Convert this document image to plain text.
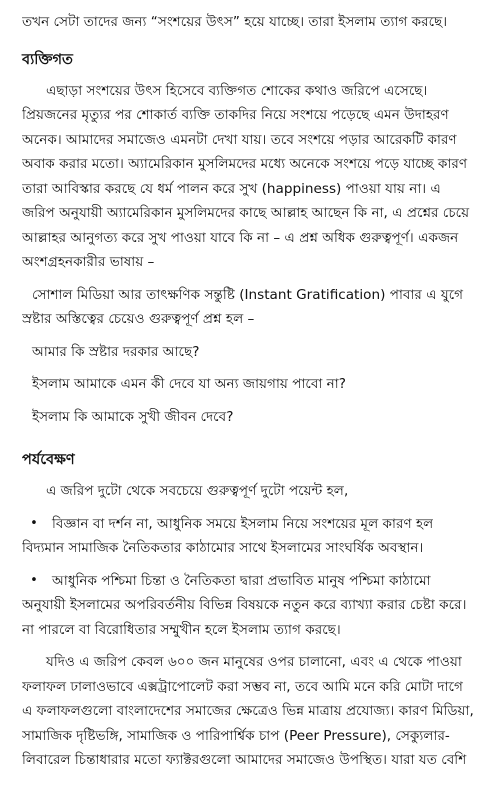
তখন সেটা তাদের জন্য “সংশয়ের উৎস” হয়ে যাচ্ছে। তারা ইসলাম ত্যাগ করছে।
ব্যক্তিগত
এছাড়া সংশয়ের উৎস হিসেবে ব্যক্তিগত শোকের কথাও জরিপে এসেছে।
প্রিয়জনের মৃত্যুর পর শোকার্ত ব্যক্তি তাকদির নিয়ে সংশয়ে পড়েছে এমন উদাহরণ
অনেক। আমাদের সমাজেও এমনটা দেখা যায়। তবে সংশয়ে পড়ার আরেকটি কারণ
অবাক করার মতো। অ্যামেরিকান মুসলিমদের মধ্যে অনেকে সংশয়ে পড়ে যাচ্ছে কারণ
তারা আবিস্কার করছে যে ধর্ম পালন করে সুখ (happiness) পাওয়া যায় না। এ
জরিপ অনুযায়ী অ্যামেরিকান মুসলিমদের কাছে আল্লাহ আছেন কি না, এ প্রশ্নের চেয়ে
আল্লাহর আনুগত্য করে সুখ পাওয়া যাবে কি না – এ প্রশ্ন অধিক গুরুত্বপূর্ণ। একজন
অংশগ্রহনকারীর ভাষায় –
সোশাল মিডিয়া আর তাৎক্ষণিক সন্তুষ্টি (Instant Gratification) পাবার এ যুগে
স্রষ্টার অস্তিত্বের চেয়েও গুরুত্বপূর্ণ প্রশ্ন হল –
আমার কি স্রষ্টার দরকার আছে?
ইসলাম আমাকে এমন কী দেবে যা অন্য জায়গায় পাবো না?
ইসলাম কি আমাকে সুখী জীবন দেবে?
পর্যবেক্ষণ
এ জরিপ দুটো থেকে সবচেয়ে গুরুত্বপূর্ণ দুটো পয়েন্ট হল,
•	বিজ্ঞান বা দর্শন না, আধুনিক সময়ে ইসলাম নিয়ে সংশয়ের মূল কারণ হল
বিদ্যমান সামাজিক নৈতিকতার কাঠামোর সাথে ইসলামের সাংঘর্ষিক অবস্থান।
•	আধুনিক পশ্চিমা চিন্তা ও নৈতিকতা দ্বারা প্রভাবিত মানুষ পশ্চিমা কাঠামো
অনুযায়ী ইসলামের অপরিবর্তনীয় বিভিন্ন বিষয়কে নতুন করে ব্যাখ্যা করার চেষ্টা করে।
না পারলে বা বিরোধিতার সম্মুখীন হলে ইসলাম ত্যাগ করছে।
যদিও এ জরিপ কেবল ৬০০ জন মানুষের ওপর চালানো, এবং এ থেকে পাওয়া
ফলাফল ঢালাওভাবে এক্সট্রাপোলেট করা সম্ভব না, তবে আমি মনে করি মোটা দাগে
এ ফলাফলগুলো বাংলাদেশের সমাজের ক্ষেত্রেও ভিন্ন মাত্রায় প্রযোজ্য। কারণ মিডিয়া,
সামাজিক দৃষ্টিভঙ্গি, সামাজিক ও পারিপার্শ্বিক চাপ (Peer Pressure), সেক্যুলার-
লিবারেল চিন্তাধারার মতো ফ্যাক্টরগুলো আমাদের সমাজেও উপস্থিত। যারা যত বেশি
